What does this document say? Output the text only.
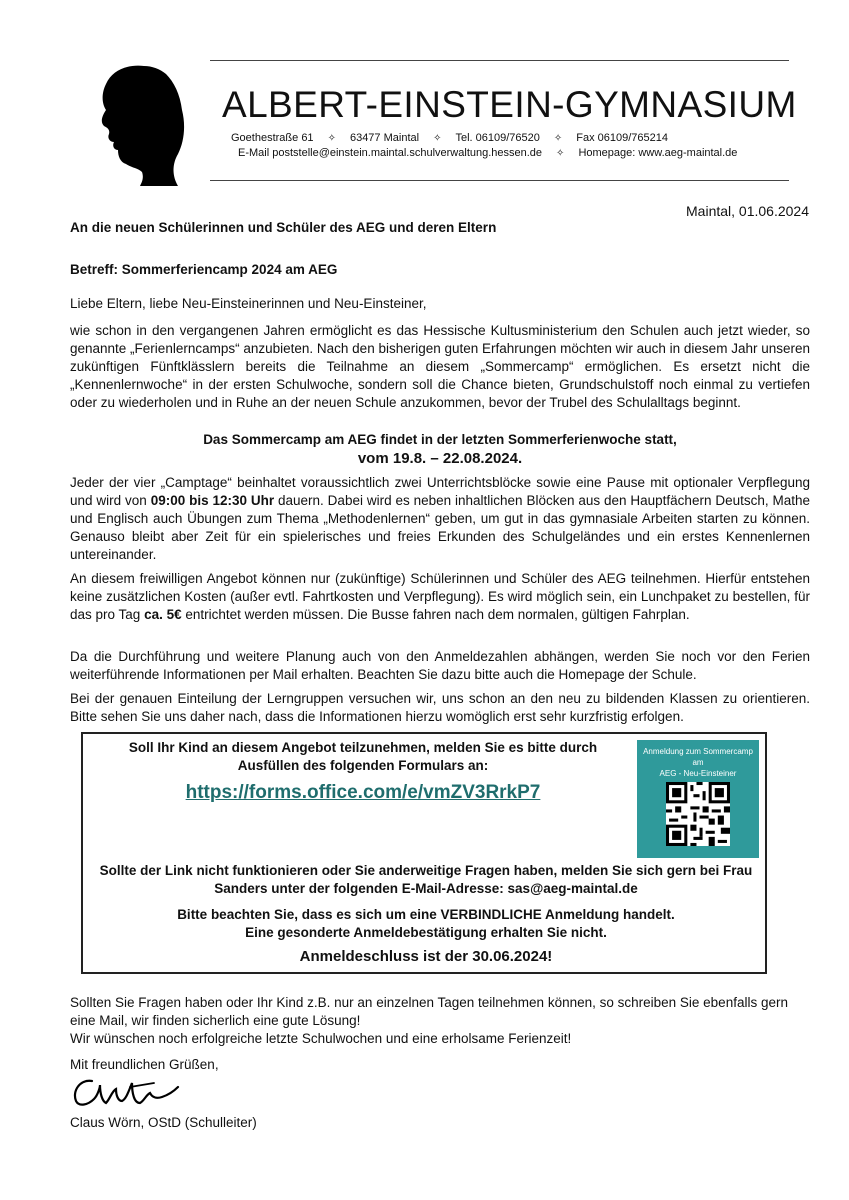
ALBERT-EINSTEIN-GYMNASIUM
Goethestraße 61 ✧ 63477 Maintal ✧ Tel. 06109/76520 ✧ Fax 06109/765214
E-Mail poststelle@einstein.maintal.schulverwaltung.hessen.de ✧ Homepage: www.aeg-maintal.de
Maintal, 01.06.2024
An die neuen Schülerinnen und Schüler des AEG und deren Eltern
Betreff: Sommerferiencamp 2024 am AEG
Liebe Eltern, liebe Neu-Einsteinerinnen und Neu-Einsteiner,
wie schon in den vergangenen Jahren ermöglicht es das Hessische Kultusministerium den Schulen auch jetzt wieder, so genannte „Ferienlerncamps“ anzubieten. Nach den bisherigen guten Erfahrungen möchten wir auch in diesem Jahr unseren zukünftigen Fünftklässlern bereits die Teilnahme an diesem „Sommercamp“ ermöglichen. Es ersetzt nicht die „Kennenlernwoche“ in der ersten Schulwoche, sondern soll die Chance bieten, Grundschulstoff noch einmal zu vertiefen oder zu wiederholen und in Ruhe an der neuen Schule anzukommen, bevor der Trubel des Schulalltags beginnt.
Das Sommercamp am AEG findet in der letzten Sommerferienwoche statt,
vom 19.8. – 22.08.2024.
Jeder der vier „Camptage“ beinhaltet voraussichtlich zwei Unterrichtsblöcke sowie eine Pause mit optionaler Verpflegung und wird von 09:00 bis 12:30 Uhr dauern. Dabei wird es neben inhaltlichen Blöcken aus den Hauptfächern Deutsch, Mathe und Englisch auch Übungen zum Thema „Methodenlernen“ geben, um gut in das gymnasiale Arbeiten starten zu können. Genauso bleibt aber Zeit für ein spielerisches und freies Erkunden des Schulgeländes und ein erstes Kennenlernen untereinander.
An diesem freiwilligen Angebot können nur (zukünftige) Schülerinnen und Schüler des AEG teilnehmen. Hierfür entstehen keine zusätzlichen Kosten (außer evtl. Fahrtkosten und Verpflegung). Es wird möglich sein, ein Lunchpaket zu bestellen, für das pro Tag ca. 5€ entrichtet werden müssen. Die Busse fahren nach dem normalen, gültigen Fahrplan.
Da die Durchführung und weitere Planung auch von den Anmeldezahlen abhängen, werden Sie noch vor den Ferien weiterführende Informationen per Mail erhalten. Beachten Sie dazu bitte auch die Homepage der Schule.
Bei der genauen Einteilung der Lerngruppen versuchen wir, uns schon an den neu zu bildenden Klassen zu orientieren. Bitte sehen Sie uns daher nach, dass die Informationen hierzu womöglich erst sehr kurzfristig erfolgen.
Soll Ihr Kind an diesem Angebot teilzunehmen, melden Sie es bitte durch
Ausfüllen des folgenden Formulars an:
https://forms.office.com/e/vmZV3RrkP7
Anmeldung zum Sommercamp am
AEG - Neu-Einsteiner
Sollte der Link nicht funktionieren oder Sie anderweitige Fragen haben, melden Sie sich gern bei Frau
Sanders unter der folgenden E-Mail-Adresse: sas@aeg-maintal.de
Bitte beachten Sie, dass es sich um eine VERBINDLICHE Anmeldung handelt.
Eine gesonderte Anmeldebestätigung erhalten Sie nicht.
Anmeldeschluss ist der 30.06.2024!
Sollten Sie Fragen haben oder Ihr Kind z.B. nur an einzelnen Tagen teilnehmen können, so schreiben Sie ebenfalls gern eine Mail, wir finden sicherlich eine gute Lösung!
Wir wünschen noch erfolgreiche letzte Schulwochen und eine erholsame Ferienzeit!
Mit freundlichen Grüßen,
Claus Wörn, OStD (Schulleiter)
